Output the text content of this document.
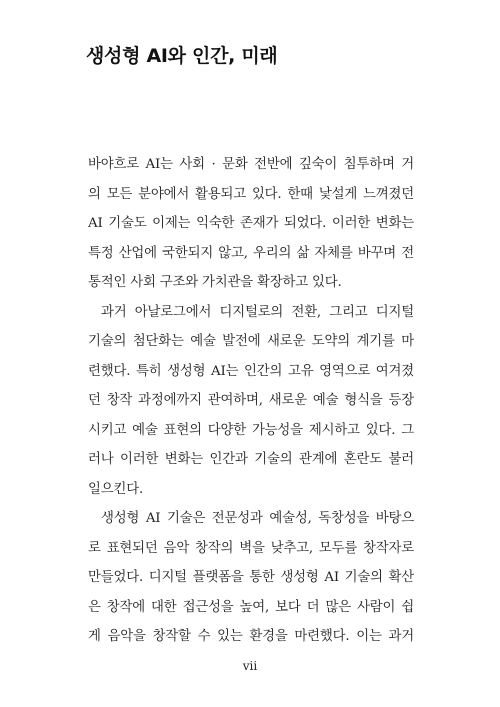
생성형 AI와 인간, 미래
바야흐로 AI는 사회 · 문화 전반에 깊숙이 침투하며 거
의 모든 분야에서 활용되고 있다. 한때 낯설게 느껴졌던
AI 기술도 이제는 익숙한 존재가 되었다. 이러한 변화는
특정 산업에 국한되지 않고, 우리의 삶 자체를 바꾸며 전
통적인 사회 구조와 가치관을 확장하고 있다.
과거 아날로그에서 디지털로의 전환, 그리고 디지털
기술의 첨단화는 예술 발전에 새로운 도약의 계기를 마
련했다. 특히 생성형 AI는 인간의 고유 영역으로 여겨졌
던 창작 과정에까지 관여하며, 새로운 예술 형식을 등장
시키고 예술 표현의 다양한 가능성을 제시하고 있다. 그
러나 이러한 변화는 인간과 기술의 관계에 혼란도 불러
일으킨다.
생성형 AI 기술은 전문성과 예술성, 독창성을 바탕으
로 표현되던 음악 창작의 벽을 낮추고, 모두를 창작자로
만들었다. 디지털 플랫폼을 통한 생성형 AI 기술의 확산
은 창작에 대한 접근성을 높여, 보다 더 많은 사람이 쉽
게 음악을 창작할 수 있는 환경을 마련했다. 이는 과거
vii
